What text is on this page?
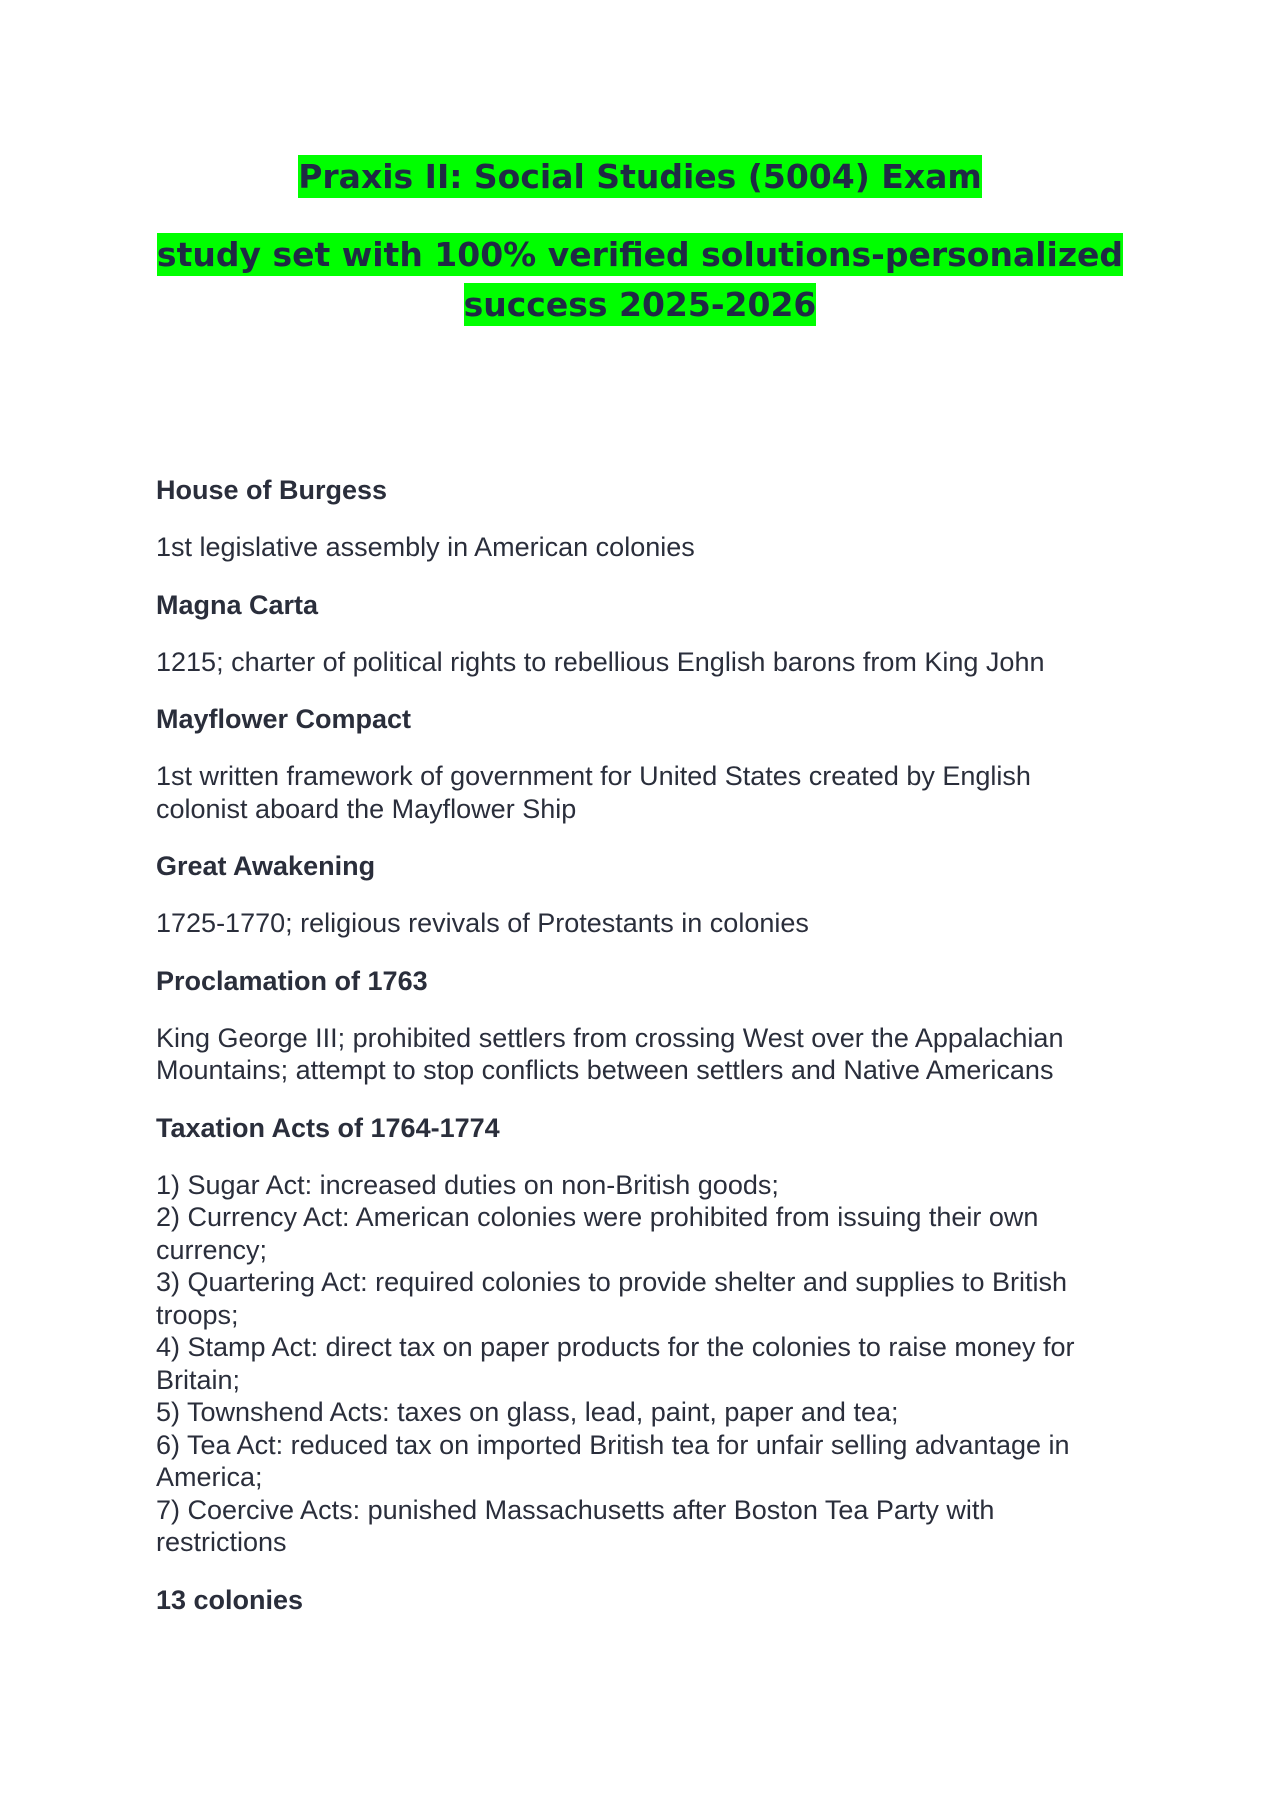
Praxis II: Social Studies (5004) Exam

study set with 100% verified solutions-personalized success 2025-2026

House of Burgess
1st legislative assembly in American colonies
Magna Carta
1215; charter of political rights to rebellious English barons from King John
Mayflower Compact
1st written framework of government for United States created by English colonist aboard the Mayflower Ship
Great Awakening
1725-1770; religious revivals of Protestants in colonies
Proclamation of 1763
King George III; prohibited settlers from crossing West over the Appalachian Mountains; attempt to stop conflicts between settlers and Native Americans
Taxation Acts of 1764-1774
1) Sugar Act: increased duties on non-British goods;
2) Currency Act: American colonies were prohibited from issuing their own currency;
3) Quartering Act: required colonies to provide shelter and supplies to British troops;
4) Stamp Act: direct tax on paper products for the colonies to raise money for Britain;
5) Townshend Acts: taxes on glass, lead, paint, paper and tea;
6) Tea Act: reduced tax on imported British tea for unfair selling advantage in America;
7) Coercive Acts: punished Massachusetts after Boston Tea Party with restrictions
13 colonies
